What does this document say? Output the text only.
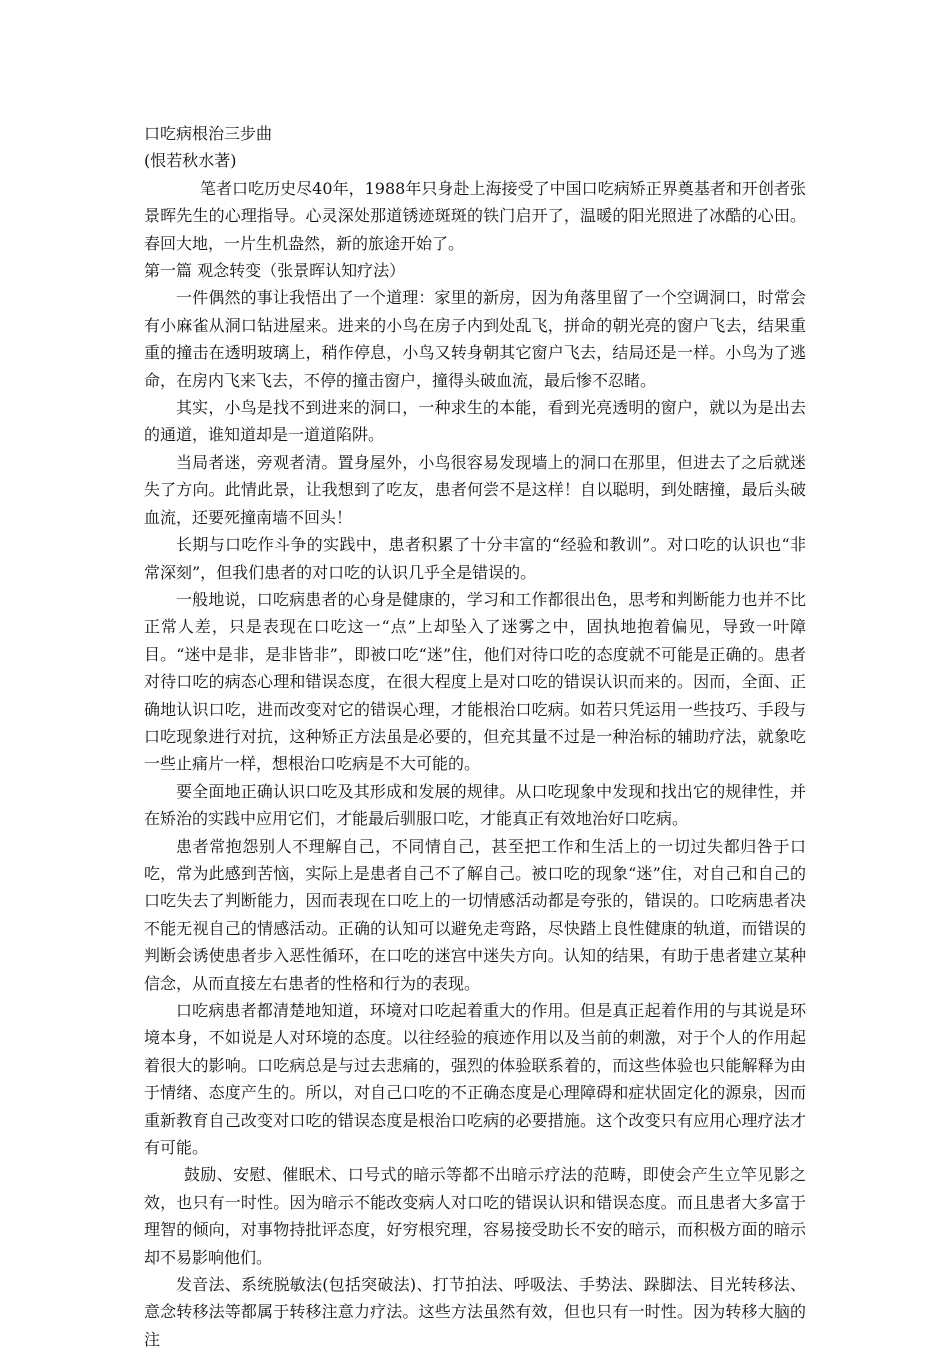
口吃病根治三步曲

(恨若秋水著)

笔者口吃历史尽40年，1988年只身赴上海接受了中国口吃病矫正界奠基者和开创者张景晖先生的心理指导。心灵深处那道锈迹斑斑的铁门启开了，温暖的阳光照进了冰酷的心田。春回大地，一片生机盎然，新的旅途开始了。

第一篇 观念转变（张景晖认知疗法）

一件偶然的事让我悟出了一个道理：家里的新房，因为角落里留了一个空调洞口，时常会有小麻雀从洞口钻进屋来。进来的小鸟在房子内到处乱飞，拼命的朝光亮的窗户飞去，结果重重的撞击在透明玻璃上，稍作停息，小鸟又转身朝其它窗户飞去，结局还是一样。小鸟为了逃命，在房内飞来飞去，不停的撞击窗户，撞得头破血流，最后惨不忍睹。

其实，小鸟是找不到进来的洞口，一种求生的本能，看到光亮透明的窗户，就以为是出去的通道，谁知道却是一道道陷阱。

当局者迷，旁观者清。置身屋外，小鸟很容易发现墙上的洞口在那里，但进去了之后就迷失了方向。此情此景，让我想到了吃友，患者何尝不是这样！自以聪明，到处瞎撞，最后头破血流，还要死撞南墙不回头！

长期与口吃作斗争的实践中，患者积累了十分丰富的“经验和教训”。对口吃的认识也“非常深刻”，但我们患者的对口吃的认识几乎全是错误的。

一般地说，口吃病患者的心身是健康的，学习和工作都很出色，思考和判断能力也并不比正常人差，只是表现在口吃这一“点”上却坠入了迷雾之中，固执地抱着偏见，导致一叶障目。“迷中是非，是非皆非”，即被口吃“迷”住，他们对待口吃的态度就不可能是正确的。患者对待口吃的病态心理和错误态度，在很大程度上是对口吃的错误认识而来的。因而，全面、正确地认识口吃，进而改变对它的错误心理，才能根治口吃病。如若只凭运用一些技巧、手段与口吃现象进行对抗，这种矫正方法虽是必要的，但充其量不过是一种治标的辅助疗法，就象吃一些止痛片一样，想根治口吃病是不大可能的。

要全面地正确认识口吃及其形成和发展的规律。从口吃现象中发现和找出它的规律性，并在矫治的实践中应用它们，才能最后驯服口吃，才能真正有效地治好口吃病。

患者常抱怨别人不理解自己，不同情自己，甚至把工作和生活上的一切过失都归咎于口吃，常为此感到苦恼，实际上是患者自己不了解自己。被口吃的现象“迷”住，对自己和自己的口吃失去了判断能力，因而表现在口吃上的一切情感活动都是夸张的，错误的。口吃病患者决不能无视自己的情感活动。正确的认知可以避免走弯路，尽快踏上良性健康的轨道，而错误的判断会诱使患者步入恶性循环，在口吃的迷宫中迷失方向。认知的结果，有助于患者建立某种信念，从而直接左右患者的性格和行为的表现。

口吃病患者都清楚地知道，环境对口吃起着重大的作用。但是真正起着作用的与其说是环境本身，不如说是人对环境的态度。以往经验的痕迹作用以及当前的刺激，对于个人的作用起着很大的影响。口吃病总是与过去悲痛的，强烈的体验联系着的，而这些体验也只能解释为由于情绪、态度产生的。所以，对自己口吃的不正确态度是心理障碍和症状固定化的源泉，因而重新教育自己改变对口吃的错误态度是根治口吃病的必要措施。这个改变只有应用心理疗法才有可能。

鼓励、安慰、催眠术、口号式的暗示等都不出暗示疗法的范畴，即使会产生立竿见影之效，也只有一时性。因为暗示不能改变病人对口吃的错误认识和错误态度。而且患者大多富于理智的倾向，对事物持批评态度，好穷根究理，容易接受助长不安的暗示，而积极方面的暗示却不易影响他们。

发音法、系统脱敏法(包括突破法)、打节拍法、呼吸法、手势法、跺脚法、目光转移法、意念转移法等都属于转移注意力疗法。这些方法虽然有效，但也只有一时性。因为转移大脑的注
